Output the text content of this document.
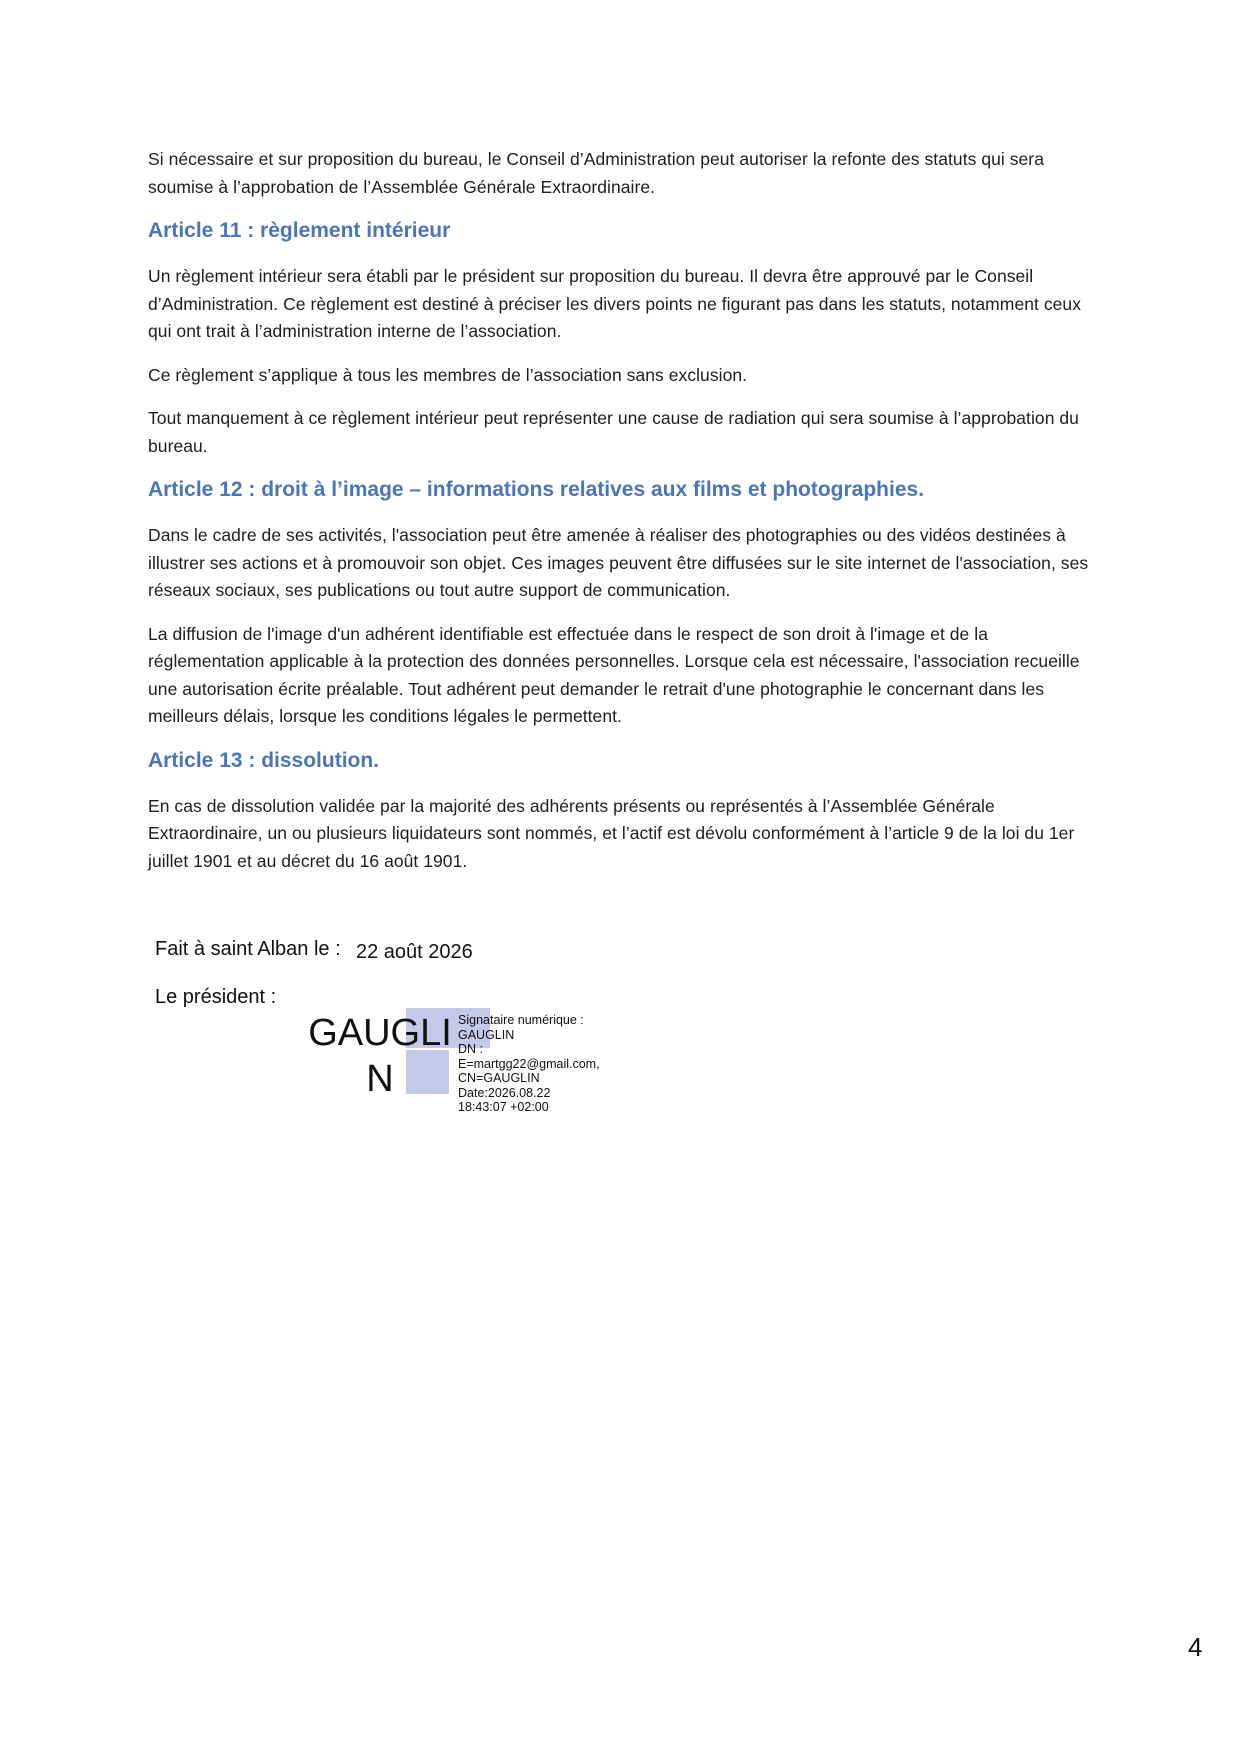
Si nécessaire et sur proposition du bureau, le Conseil d’Administration peut autoriser la refonte des statuts qui sera soumise à l’approbation de l’Assemblée Générale Extraordinaire.

Article 11 : règlement intérieur

Un règlement intérieur sera établi par le président sur proposition du bureau. Il devra être approuvé par le Conseil d’Administration. Ce règlement est destiné à préciser les divers points ne figurant pas dans les statuts, notamment ceux qui ont trait à l’administration interne de l’association.

Ce règlement s’applique à tous les membres de l’association sans exclusion.

Tout manquement à ce règlement intérieur peut représenter une cause de radiation qui sera soumise à l’approbation du bureau.

Article 12 : droit à l’image – informations relatives aux films et photographies.

Dans le cadre de ses activités, l'association peut être amenée à réaliser des photographies ou des vidéos destinées à illustrer ses actions et à promouvoir son objet. Ces images peuvent être diffusées sur le site internet de l'association, ses réseaux sociaux, ses publications ou tout autre support de communication.

La diffusion de l'image d'un adhérent identifiable est effectuée dans le respect de son droit à l'image et de la réglementation applicable à la protection des données personnelles. Lorsque cela est nécessaire, l'association recueille une autorisation écrite préalable. Tout adhérent peut demander le retrait d'une photographie le concernant dans les meilleurs délais, lorsque les conditions légales le permettent.

Article 13 : dissolution.

En cas de dissolution validée par la majorité des adhérents présents ou représentés à l’Assemblée Générale Extraordinaire, un ou plusieurs liquidateurs sont nommés, et l’actif est dévolu conformément à l’article 9 de la loi du 1er juillet 1901 et au décret du 16 août 1901.

Fait à saint Alban le : 22 août 2026
Le président :
GAUGLIN
Signataire numérique :
GAUGLIN
DN :
E=martgg22@gmail.com,
CN=GAUGLIN
Date:2026.08.22
18:43:07 +02:00
4
